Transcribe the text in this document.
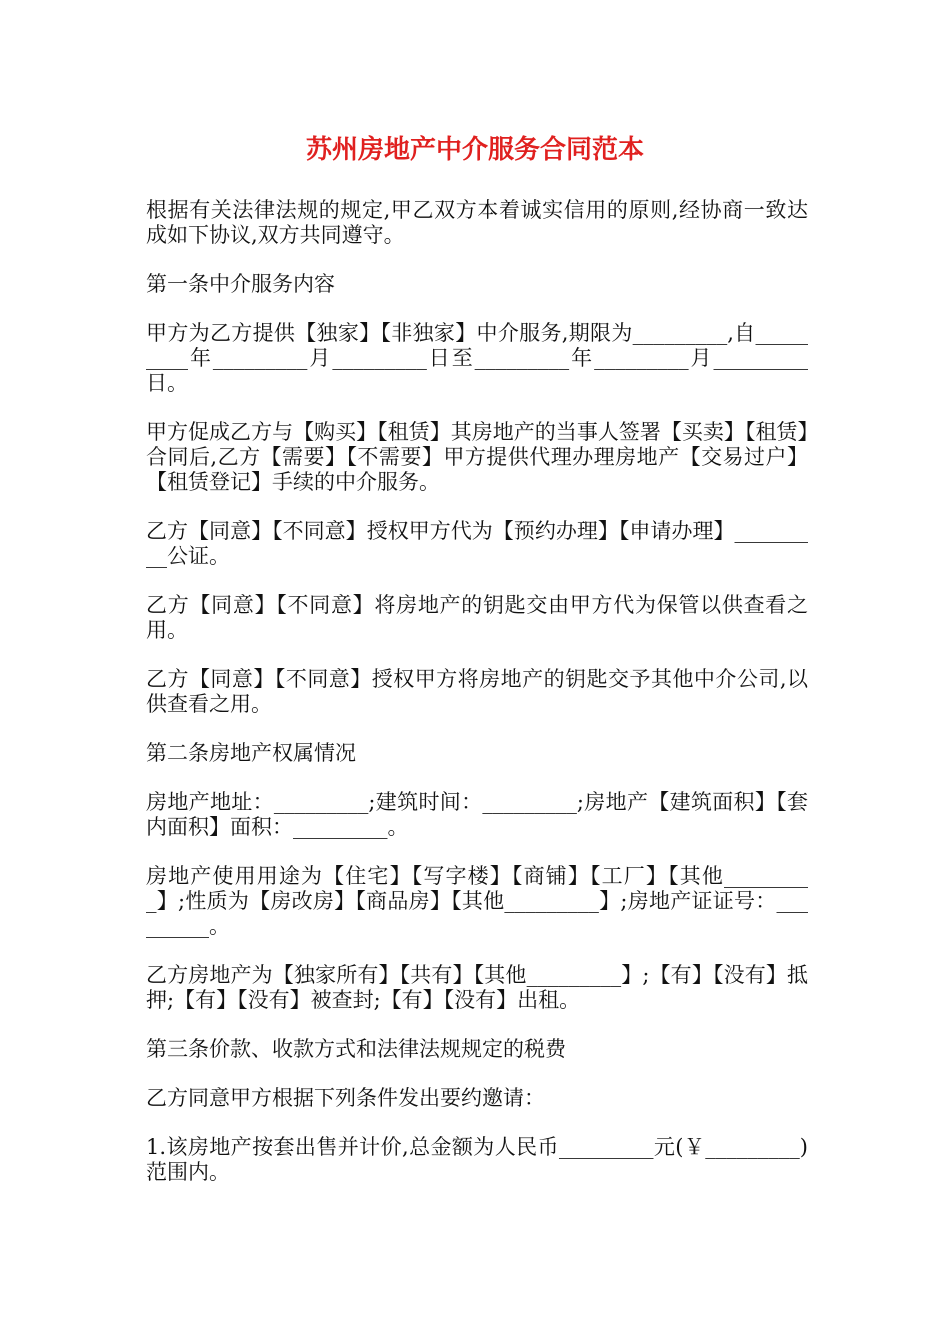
苏州房地产中介服务合同范本

根据有关法律法规的规定,甲乙双方本着诚实信用的原则,经协商一致达成如下协议,双方共同遵守。

第一条中介服务内容

甲方为乙方提供【独家】【非独家】中介服务,期限为_________,自_________年_________月_________日至_________年_________月_________日。

甲方促成乙方与【购买】【租赁】其房地产的当事人签署【买卖】【租赁】合同后,乙方【需要】【不需要】甲方提供代理办理房地产【交易过户】【租赁登记】手续的中介服务。

乙方【同意】【不同意】授权甲方代为【预约办理】【申请办理】_________公证。

乙方【同意】【不同意】将房地产的钥匙交由甲方代为保管以供查看之用。

乙方【同意】【不同意】授权甲方将房地产的钥匙交予其他中介公司,以供查看之用。

第二条房地产权属情况

房地产地址：_________;建筑时间：_________;房地产【建筑面积】【套内面积】面积：_________。

房地产使用用途为【住宅】【写字楼】【商铺】【工厂】【其他_________】;性质为【房改房】【商品房】【其他_________】;房地产证证号：_________。

乙方房地产为【独家所有】【共有】【其他_________】;【有】【没有】抵押;【有】【没有】被查封;【有】【没有】出租。

第三条价款、收款方式和法律法规规定的税费

乙方同意甲方根据下列条件发出要约邀请：

1.该房地产按套出售并计价,总金额为人民币_________元(￥_________)范围内。
